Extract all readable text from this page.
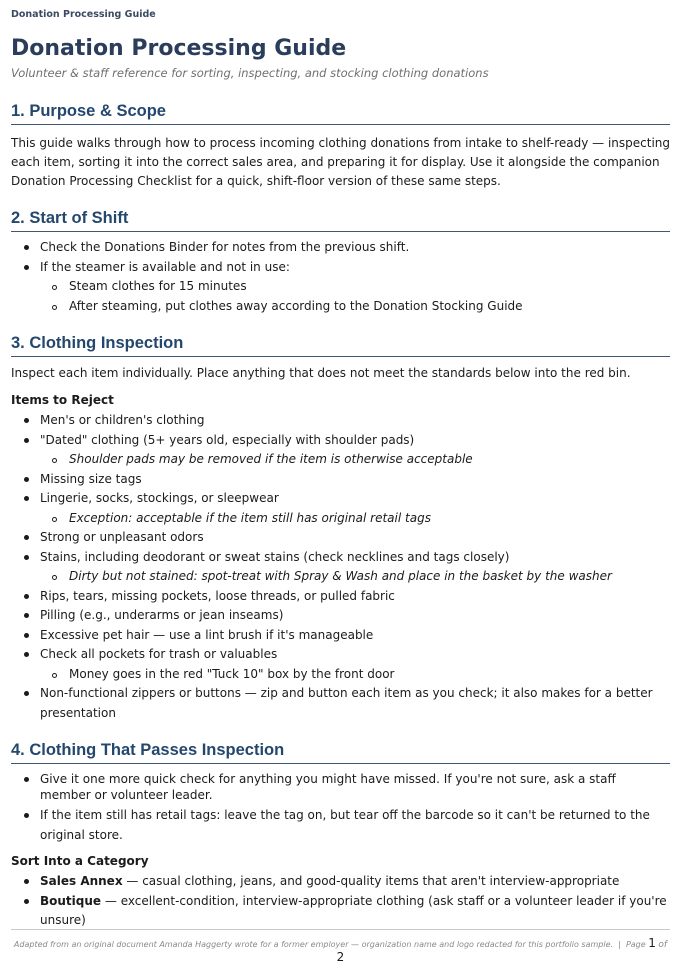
Donation Processing Guide
Donation Processing Guide
Volunteer & staff reference for sorting, inspecting, and stocking clothing donations
1. Purpose & Scope

This guide walks through how to process incoming clothing donations from intake to shelf-ready — inspecting each item, sorting it into the correct sales area, and preparing it for display. Use it alongside the companion Donation Processing Checklist for a quick, shift-floor version of these same steps.

2. Start of Shift
Check the Donations Binder for notes from the previous shift.
If the steamer is available and not in use:
Steam clothes for 15 minutes
After steaming, put clothes away according to the Donation Stocking Guide
3. Clothing Inspection

Inspect each item individually. Place anything that does not meet the standards below into the red bin.

Items to Reject
Men's or children's clothing
"Dated" clothing (5+ years old, especially with shoulder pads)
Shoulder pads may be removed if the item is otherwise acceptable
Missing size tags
Lingerie, socks, stockings, or sleepwear
Exception: acceptable if the item still has original retail tags
Strong or unpleasant odors
Stains, including deodorant or sweat stains (check necklines and tags closely)
Dirty but not stained: spot-treat with Spray & Wash and place in the basket by the washer
Rips, tears, missing pockets, loose threads, or pulled fabric
Pilling (e.g., underarms or jean inseams)
Excessive pet hair — use a lint brush if it's manageable
Check all pockets for trash or valuables
Money goes in the red "Tuck 10" box by the front door
Non-functional zippers or buttons — zip and button each item as you check; it also makes for a better presentation
4. Clothing That Passes Inspection
Give it one more quick check for anything you might have missed. If you're not sure, ask a staff member or volunteer leader.
If the item still has retail tags: leave the tag on, but tear off the barcode so it can't be returned to the original store.
Sort Into a Category
Sales Annex — casual clothing, jeans, and good-quality items that aren't interview-appropriate
Boutique — excellent-condition, interview-appropriate clothing (ask staff or a volunteer leader if you're unsure)
Adapted from an original document Amanda Haggerty wrote for a former employer — organization name and logo redacted for this portfolio sample. | Page 1 of 2
